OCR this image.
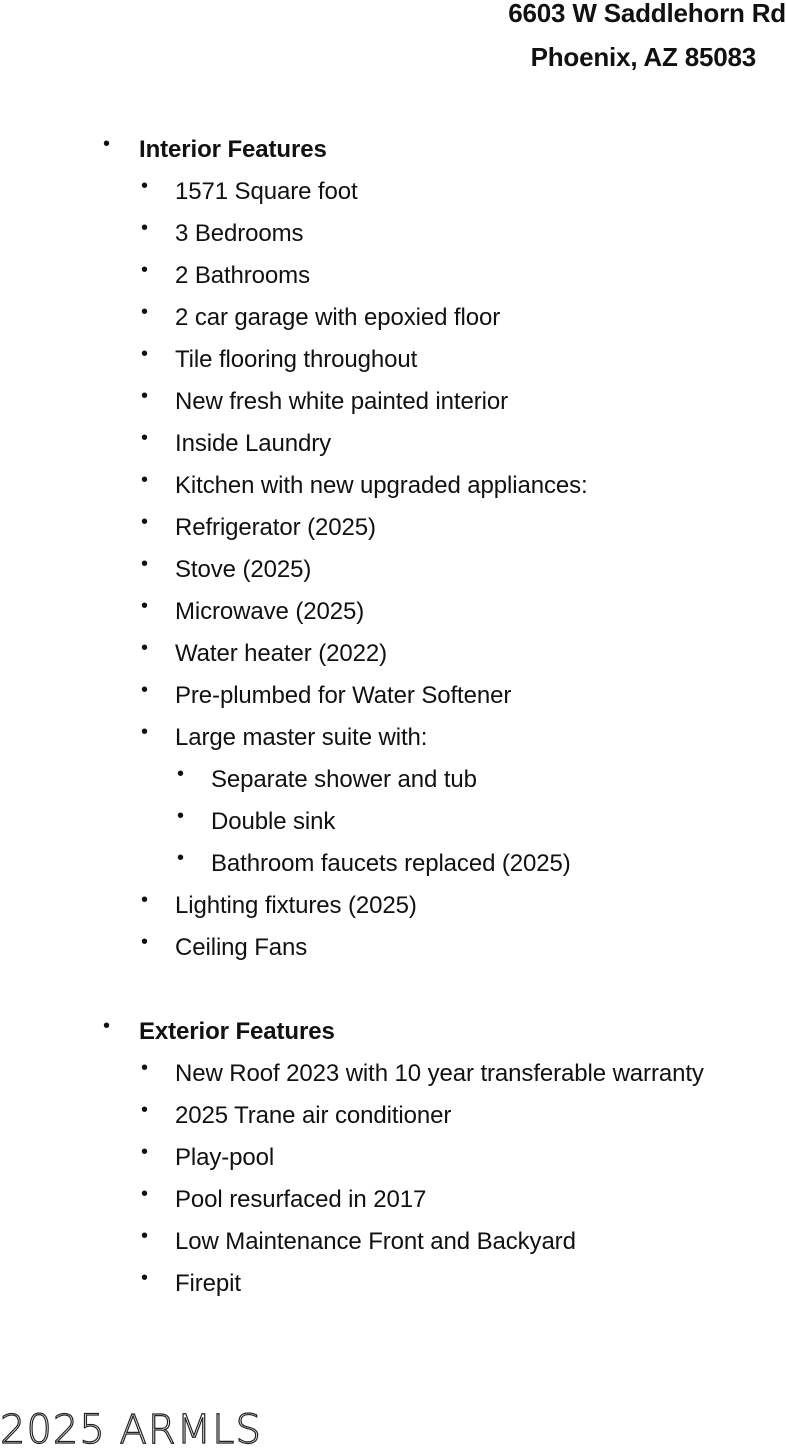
6603 W Saddlehorn Rd
Phoenix, AZ 85083
• Interior Features
• 1571 Square foot
• 3 Bedrooms
• 2 Bathrooms
• 2 car garage with epoxied floor
• Tile flooring throughout
• New fresh white painted interior
• Inside Laundry
• Kitchen with new upgraded appliances:
• Refrigerator (2025)
• Stove (2025)
• Microwave (2025)
• Water heater (2022)
• Pre-plumbed for Water Softener
• Large master suite with:
• Separate shower and tub
• Double sink
• Bathroom faucets replaced (2025)
• Lighting fixtures (2025)
• Ceiling Fans
• Exterior Features
• New Roof 2023 with 10 year transferable warranty
• 2025 Trane air conditioner
• Play-pool
• Pool resurfaced in 2017
• Low Maintenance Front and Backyard
• Firepit
2025 ARMLS
